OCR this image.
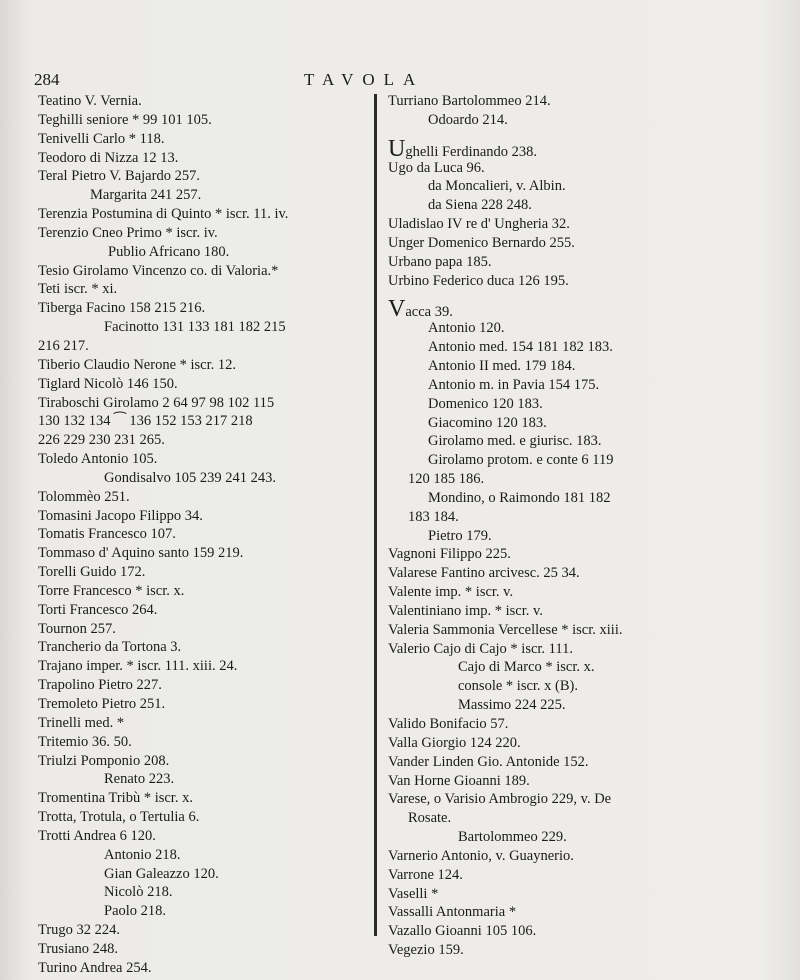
284	TAVOLA
Teatino V. Vernia.
Teghilli seniore * 99 101 105.
Tenivelli Carlo * 118.
Teodoro di Nizza 12 13.
Teral Pietro V. Bajardo 257.
Margarita 241 257.
Terenzia Postumina di Quinto * iscr. 11. iv.
Terenzio Cneo Primo * iscr. iv.
Publio Africano 180.
Tesio Girolamo Vincenzo co. di Valoria.*
Teti iscr. * xi.
Tiberga Facino 158 215 216.
Facinotto 131 133 181 182 215
216 217.
Tiberio Claudio Nerone * iscr. 12.
Tiglard Nicolò 146 150.
Tiraboschi Girolamo 2 64 97 98 102 115
130 132 134 ⁀ 136 152 153 217 218
226 229 230 231 265.
Toledo Antonio 105.
Gondisalvo 105 239 241 243.
Tolommèo 251.
Tomasini Jacopo Filippo 34.
Tomatis Francesco 107.
Tommaso d' Aquino santo 159 219.
Torelli Guido 172.
Torre Francesco * iscr. x.
Torti Francesco 264.
Tournon 257.
Trancherio da Tortona 3.
Trajano imper. * iscr. 111. xiii. 24.
Trapolino Pietro 227.
Tremoleto Pietro 251.
Trinelli med. *
Tritemio 36. 50.
Triulzi Pomponio 208.
Renato 223.
Tromentina Tribù * iscr. x.
Trotta, Trotula, o Tertulia 6.
Trotti Andrea 6 120.
Antonio 218.
Gian Galeazzo 120.
Nicolò 218.
Paolo 218.
Trugo 32 224.
Trusiano 248.
Turino Andrea 254.
Turriano Bartolommeo 214.
Odoardo 214.
Ughelli Ferdinando 238.
Ugo da Luca 96.
da Moncalieri, v. Albin.
da Siena 228 248.
Uladislao IV re d' Ungheria 32.
Unger Domenico Bernardo 255.
Urbano papa 185.
Urbino Federico duca 126 195.
Vacca 39.
Antonio 120.
Antonio med. 154 181 182 183.
Antonio II med. 179 184.
Antonio m. in Pavia 154 175.
Domenico 120 183.
Giacomino 120 183.
Girolamo med. e giurisc. 183.
Girolamo protom. e conte 6 119
120 185 186.
Mondino, o Raimondo 181 182
183 184.
Pietro 179.
Vagnoni Filippo 225.
Valarese Fantino arcivesc. 25 34.
Valente imp. * iscr. v.
Valentiniano imp. * iscr. v.
Valeria Sammonia Vercellese * iscr. xiii.
Valerio Cajo di Cajo * iscr. 111.
Cajo di Marco * iscr. x.
console * iscr. x (B).
Massimo 224 225.
Valido Bonifacio 57.
Valla Giorgio 124 220.
Vander Linden Gio. Antonide 152.
Van Horne Gioanni 189.
Varese, o Varisio Ambrogio 229, v. De
Rosate.
Bartolommeo 229.
Varnerio Antonio, v. Guaynerio.
Varrone 124.
Vaselli *
Vassalli Antonmaria *
Vazallo Gioanni 105 106.
Vegezio 159.
